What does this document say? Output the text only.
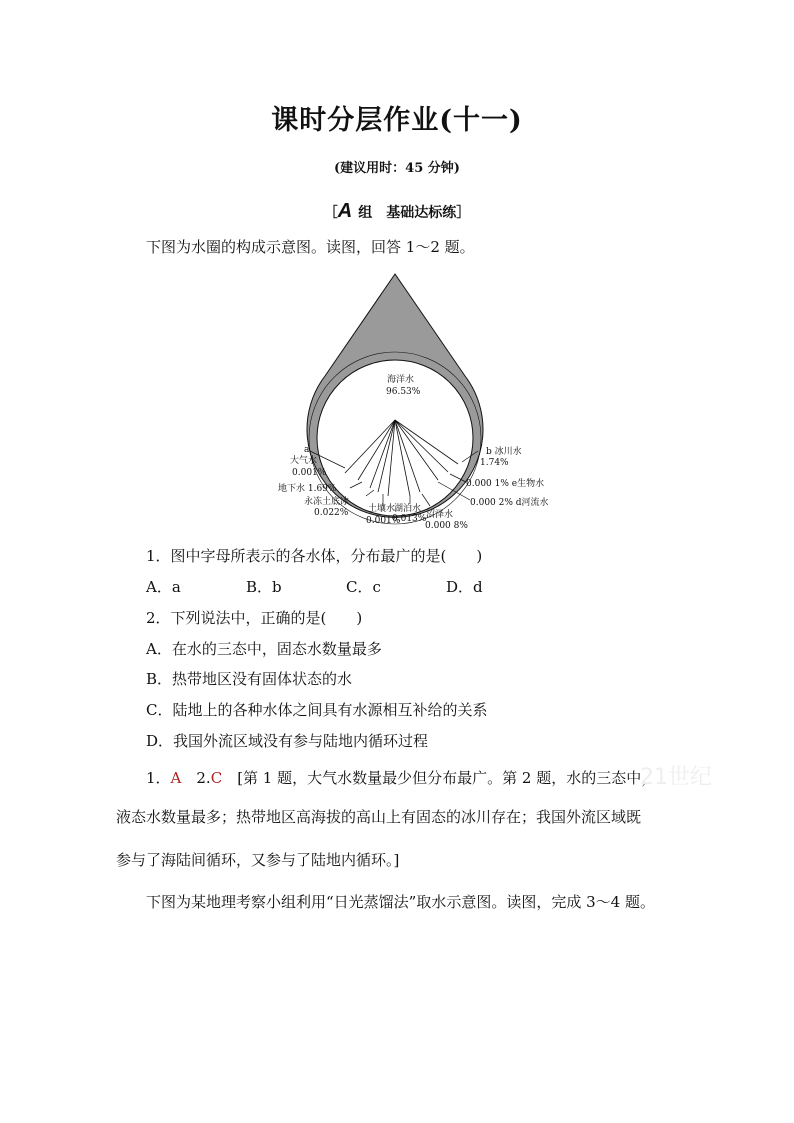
课时分层作业(十一)
(建议用时：45 分钟)
［A 组　基础达标练］
下图为水圈的构成示意图。读图，回答 1～2 题。
海洋水
96.53%
a
大气水
0.001%
b 冰川水
1.74%
0.000 1% e生物水
地下水 1.69%
0.000 2% d河流水
永冻土底冰
0.022% 土壤水
0.001%
湖泊水
0.013% 沼泽水
0.000 8%
1．图中字母所表示的各水体，分布最广的是(　　)
A．a	B．b	C．c	D．d
2．下列说法中，正确的是(　　)
A．在水的三态中，固态水数量最多
B．热带地区没有固体状态的水
C．陆地上的各种水体之间具有水源相互补给的关系
D．我国外流区域没有参与陆地内循环过程
1．A　2.C　[第 1 题，大气水数量最少但分布最广。第 2 题，水的三态中，
液态水数量最多；热带地区高海拔的高山上有固态的冰川存在；我国外流区域既
参与了海陆间循环，又参与了陆地内循环。]
下图为某地理考察小组利用“日光蒸馏法”取水示意图。读图，完成 3～4 题。
21世纪
